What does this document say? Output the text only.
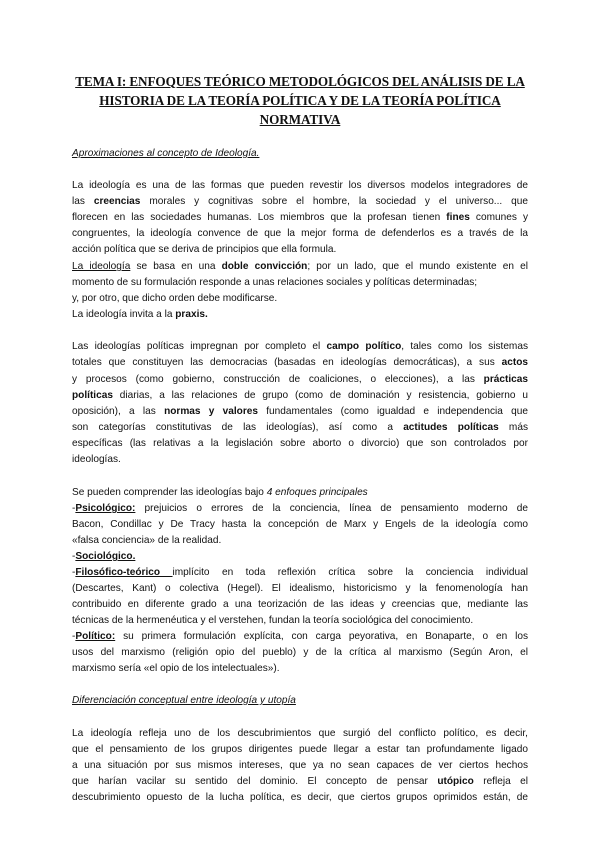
TEMA I: ENFOQUES TEÓRICO METODOLÓGICOS DEL ANÁLISIS DE LA
HISTORIA DE LA TEORÍA POLÍTICA Y DE LA TEORÍA POLÍTICA
NORMATIVA

Aproximaciones al concepto de Ideología.

La ideología es una de las formas que pueden revestir los diversos modelos integradores de

las creencias morales y cognitivas sobre el hombre, la sociedad y el universo... que

florecen en las sociedades humanas. Los miembros que la profesan tienen fines comunes y

congruentes, la ideología convence de que la mejor forma de defenderlos es a través de la

acción política que se deriva de principios que ella formula.

La ideología se basa en una doble convicción; por un lado, que el mundo existente en el

momento de su formulación responde a unas relaciones sociales y políticas determinadas;

y, por otro, que dicho orden debe modificarse.

La ideología invita a la praxis.

Las ideologías políticas impregnan por completo el campo político, tales como los sistemas

totales que constituyen las democracias (basadas en ideologías democráticas), a sus actos

y procesos (como gobierno, construcción de coaliciones, o elecciones), a las prácticas

políticas diarias, a las relaciones de grupo (como de dominación y resistencia, gobierno u

oposición), a las normas y valores fundamentales (como igualdad e independencia que

son categorías constitutivas de las ideologías), así como a actitudes políticas más

específicas (las relativas a la legislación sobre aborto o divorcio) que son controlados por

ideologías.

Se pueden comprender las ideologías bajo 4 enfoques principales

-Psicológico: prejuicios o errores de la conciencia, línea de pensamiento moderno de

Bacon, Condillac y De Tracy hasta la concepción de Marx y Engels de la ideología como

«falsa conciencia» de la realidad.

-Sociológico.

-Filosófico-teórico implícito en toda reflexión crítica sobre la conciencia individual

(Descartes, Kant) o colectiva (Hegel). El idealismo, historicismo y la fenomenología han

contribuido en diferente grado a una teorización de las ideas y creencias que, mediante las

técnicas de la hermenéutica y el verstehen, fundan la teoría sociológica del conocimiento.

-Político: su primera formulación explícita, con carga peyorativa, en Bonaparte, o en los

usos del marxismo (religión opio del pueblo) y de la crítica al marxismo (Según Aron, el

marxismo sería «el opio de los intelectuales»).

Diferenciación conceptual entre ideología y utopía

La ideología refleja uno de los descubrimientos que surgió del conflicto político, es decir,

que el pensamiento de los grupos dirigentes puede llegar a estar tan profundamente ligado

a una situación por sus mismos intereses, que ya no sean capaces de ver ciertos hechos

que harían vacilar su sentido del dominio. El concepto de pensar utópico refleja el

descubrimiento opuesto de la lucha política, es decir, que ciertos grupos oprimidos están, de
